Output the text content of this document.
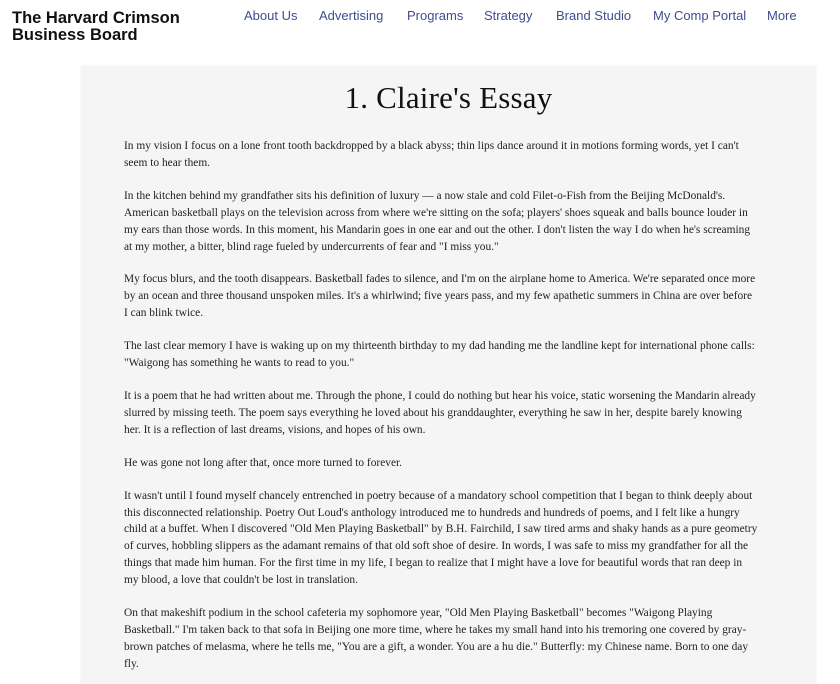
The Harvard Crimson
Business Board
About Us Advertising Programs Strategy Brand Studio My Comp Portal More
1. Claire's Essay

In my vision I focus on a lone front tooth backdropped by a black abyss; thin lips dance around it in motions forming words, yet I can't seem to hear them.

In the kitchen behind my grandfather sits his definition of luxury — a now stale and cold Filet-o-Fish from the Beijing McDonald's. American basketball plays on the television across from where we're sitting on the sofa; players' shoes squeak and balls bounce louder in my ears than those words. In this moment, his Mandarin goes in one ear and out the other. I don't listen the way I do when he's screaming at my mother, a bitter, blind rage fueled by undercurrents of fear and "I miss you."

My focus blurs, and the tooth disappears. Basketball fades to silence, and I'm on the airplane home to America. We're separated once more by an ocean and three thousand unspoken miles. It's a whirlwind; five years pass, and my few apathetic summers in China are over before I can blink twice.

The last clear memory I have is waking up on my thirteenth birthday to my dad handing me the landline kept for international phone calls: "Waigong has something he wants to read to you."

It is a poem that he had written about me. Through the phone, I could do nothing but hear his voice, static worsening the Mandarin already slurred by missing teeth. The poem says everything he loved about his granddaughter, everything he saw in her, despite barely knowing her. It is a reflection of last dreams, visions, and hopes of his own.

He was gone not long after that, once more turned to forever.

It wasn't until I found myself chancely entrenched in poetry because of a mandatory school competition that I began to think deeply about this disconnected relationship. Poetry Out Loud's anthology introduced me to hundreds and hundreds of poems, and I felt like a hungry child at a buffet. When I discovered "Old Men Playing Basketball" by B.H. Fairchild, I saw tired arms and shaky hands as a pure geometry of curves, hobbling slippers as the adamant remains of that old soft shoe of desire. In words, I was safe to miss my grandfather for all the things that made him human. For the first time in my life, I began to realize that I might have a love for beautiful words that ran deep in my blood, a love that couldn't be lost in translation.

On that makeshift podium in the school cafeteria my sophomore year, "Old Men Playing Basketball" becomes "Waigong Playing Basketball." I'm taken back to that sofa in Beijing one more time, where he takes my small hand into his tremoring one covered by gray-brown patches of melasma, where he tells me, "You are a gift, a wonder. You are a hu die." Butterfly: my Chinese name. Born to one day fly.
